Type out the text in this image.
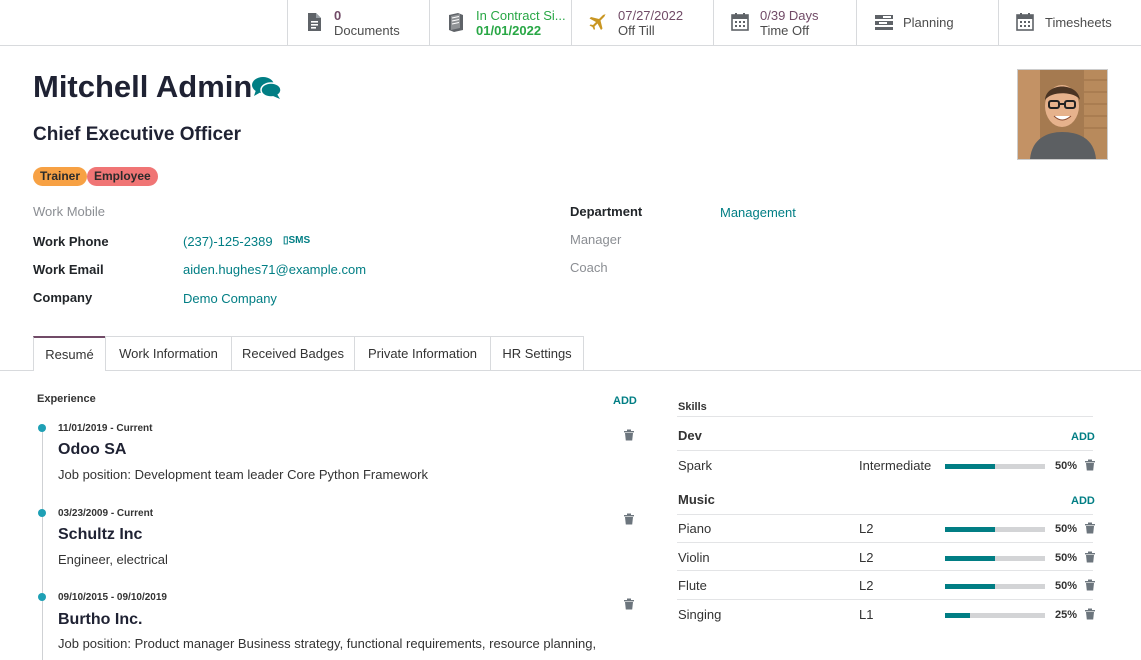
0
Documents
In Contract Si...
01/01/2022
07/27/2022
Off Till
0/39 Days
Time Off
Planning	Timesheets
Mitchell Admin
Chief Executive Officer
Trainer	Employee
Work Mobile
Work Phone	(237)-125-2389 ▯SMS
Work Email	aiden.hughes71@example.com
Company	Demo Company
Department	Management
Manager
Coach
Resumé	Work Information	Received Badges	Private Information	HR Settings
Experience	ADD
11/01/2019 - Current
Odoo SA
Job position: Development team leader Core Python Framework
03/23/2009 - Current
Schultz Inc
Engineer, electrical
09/10/2015 - 09/10/2019
Burtho Inc.
Job position: Product manager Business strategy, functional requirements, resource planning,
Skills
Dev	ADD
Spark	Intermediate	50%
Music	ADD
Piano	L2	50%
Violin	L2	50%
Flute	L2	50%
Singing	L1	25%
